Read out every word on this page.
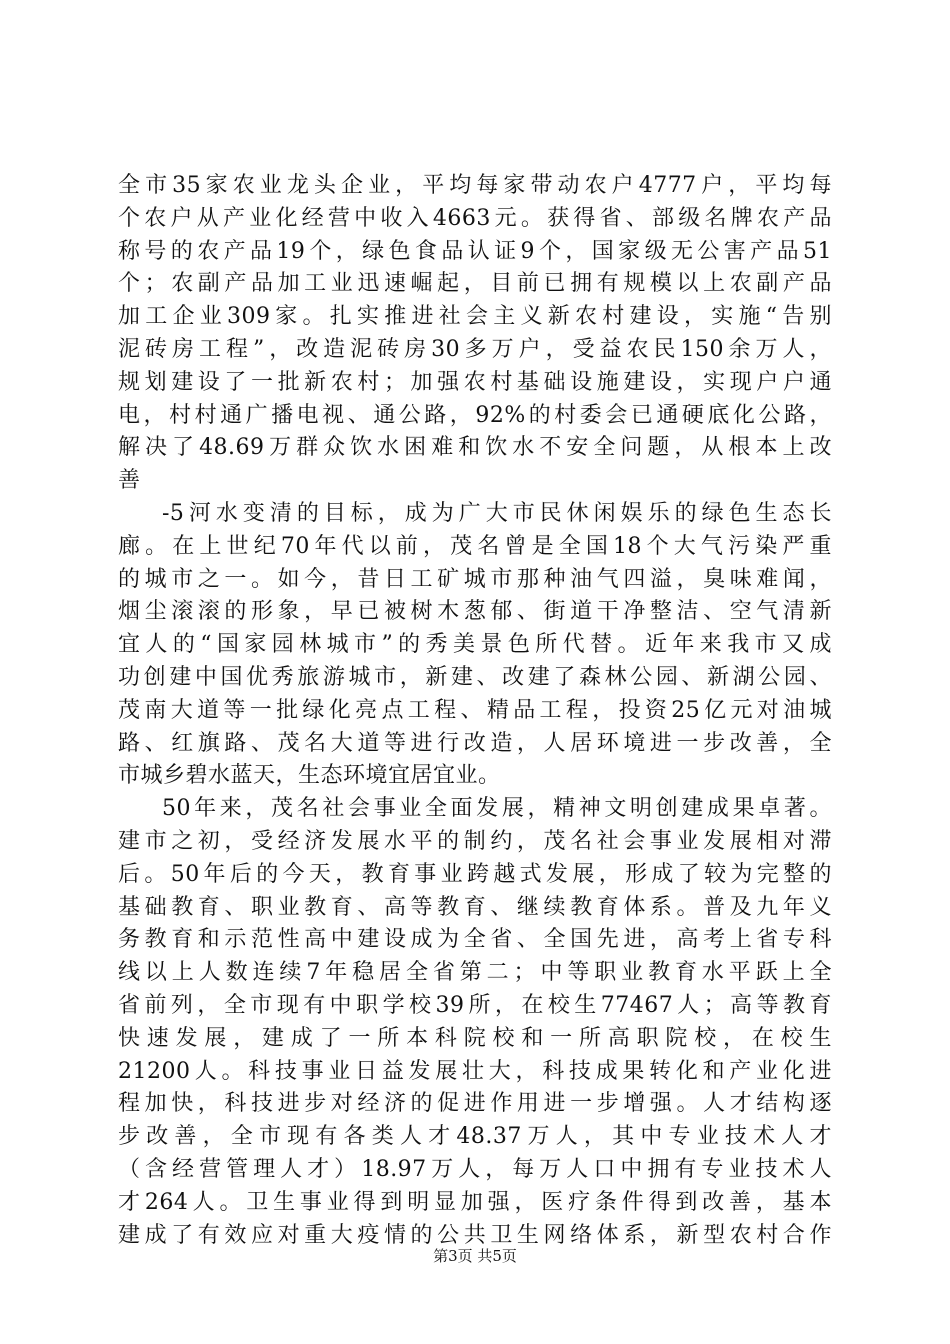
全市35家农业龙头企业，平均每家带动农户4777户，平均每
个农户从产业化经营中收入4663元。获得省、部级名牌农产品
称号的农产品19个，绿色食品认证9个，国家级无公害产品51
个；农副产品加工业迅速崛起，目前已拥有规模以上农副产品
加工企业309家。扎实推进社会主义新农村建设，实施“告别
泥砖房工程”，改造泥砖房30多万户，受益农民150余万人，
规划建设了一批新农村；加强农村基础设施建设，实现户户通
电，村村通广播电视、通公路，92%的村委会已通硬底化公路，
解决了48.69万群众饮水困难和饮水不安全问题，从根本上改
善
-5河水变清的目标，成为广大市民休闲娱乐的绿色生态长
廊。在上世纪70年代以前，茂名曾是全国18个大气污染严重
的城市之一。如今，昔日工矿城市那种油气四溢，臭味难闻，
烟尘滚滚的形象，早已被树木葱郁、街道干净整洁、空气清新
宜人的“国家园林城市”的秀美景色所代替。近年来我市又成
功创建中国优秀旅游城市，新建、改建了森林公园、新湖公园、
茂南大道等一批绿化亮点工程、精品工程，投资25亿元对油城
路、红旗路、茂名大道等进行改造，人居环境进一步改善，全
市城乡碧水蓝天，生态环境宜居宜业。
50年来，茂名社会事业全面发展，精神文明创建成果卓著。
建市之初，受经济发展水平的制约，茂名社会事业发展相对滞
后。50年后的今天，教育事业跨越式发展，形成了较为完整的
基础教育、职业教育、高等教育、继续教育体系。普及九年义
务教育和示范性高中建设成为全省、全国先进，高考上省专科
线以上人数连续7年稳居全省第二；中等职业教育水平跃上全
省前列，全市现有中职学校39所，在校生77467人；高等教育
快速发展，建成了一所本科院校和一所高职院校，在校生
21200人。科技事业日益发展壮大，科技成果转化和产业化进
程加快，科技进步对经济的促进作用进一步增强。人才结构逐
步改善，全市现有各类人才48.37万人，其中专业技术人才
（含经营管理人才）18.97万人，每万人口中拥有专业技术人
才264人。卫生事业得到明显加强，医疗条件得到改善，基本
建成了有效应对重大疫情的公共卫生网络体系，新型农村合作
第3页 共5页
